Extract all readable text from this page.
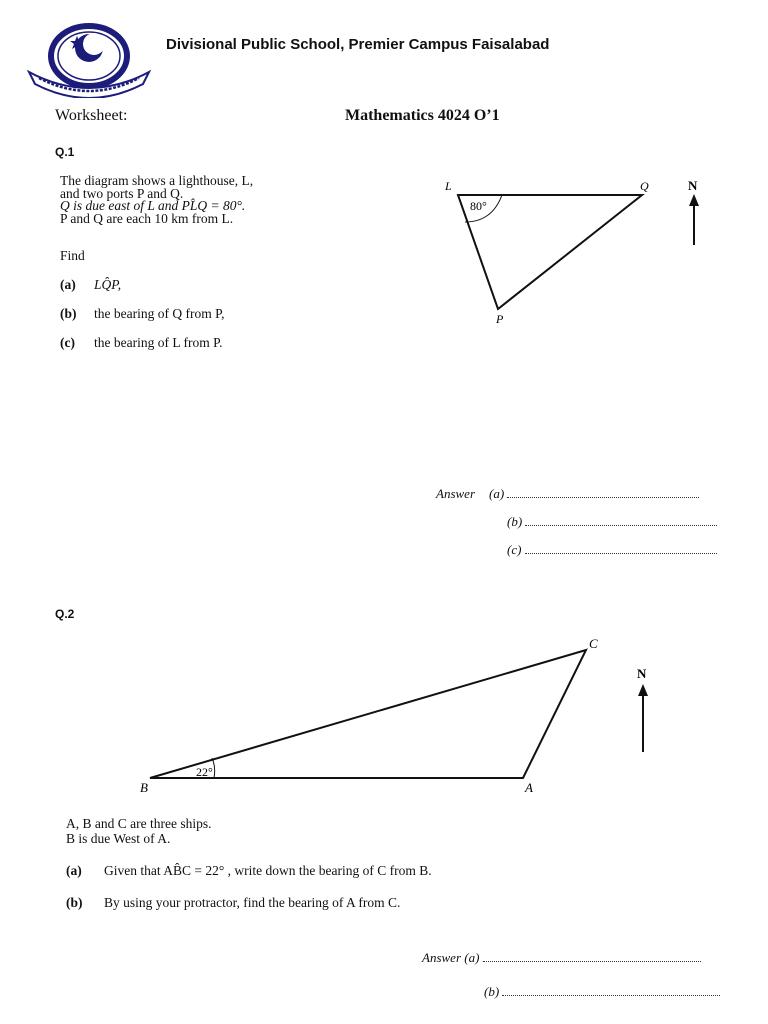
Divisional Public School, Premier Campus Faisalabad
Worksheet:	Mathematics 4024 O’1
Q.1
The diagram shows a lighthouse, L,
and two ports P and Q.
Q is due east of L and PL̂Q = 80°.
P and Q are each 10 km from L.
Find
(a) LQ̂P,
(b) the bearing of Q from P,
(c) the bearing of L from P.
80°
L	Q
P
N
Answer (a)
(b)
(c)
Q.2
22°
B	A
C
N
A, B and C are three ships.
B is due West of A.
(a) Given that AB̂C = 22° , write down the bearing of C from B.
(b) By using your protractor, find the bearing of A from C.
Answer (a)
(b)
